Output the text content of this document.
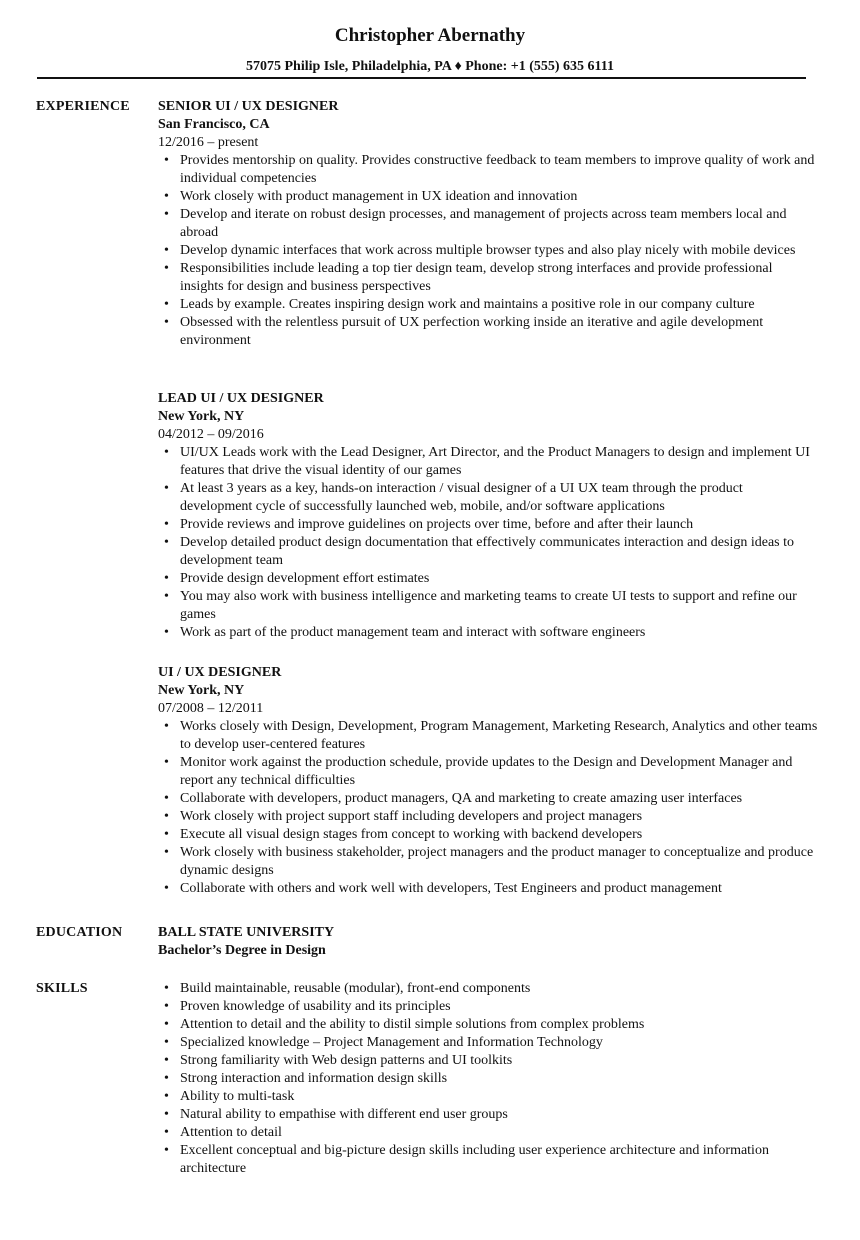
Christopher Abernathy
57075 Philip Isle, Philadelphia, PA ♦ Phone: +1 (555) 635 6111
EXPERIENCE SENIOR UI / UX DESIGNER
San Francisco, CA
12/2016 – present
• Provides mentorship on quality. Provides constructive feedback to team members to improve quality of work and individual competencies
• Work closely with product management in UX ideation and innovation
• Develop and iterate on robust design processes, and management of projects across team members local and abroad
• Develop dynamic interfaces that work across multiple browser types and also play nicely with mobile devices
• Responsibilities include leading a top tier design team, develop strong interfaces and provide professional insights for design and business perspectives
• Leads by example. Creates inspiring design work and maintains a positive role in our company culture
• Obsessed with the relentless pursuit of UX perfection working inside an iterative and agile development environment
LEAD UI / UX DESIGNER
New York, NY
04/2012 – 09/2016
• UI/UX Leads work with the Lead Designer, Art Director, and the Product Managers to design and implement UI features that drive the visual identity of our games
• At least 3 years as a key, hands-on interaction / visual designer of a UI UX team through the product development cycle of successfully launched web, mobile, and/or software applications
• Provide reviews and improve guidelines on projects over time, before and after their launch
• Develop detailed product design documentation that effectively communicates interaction and design ideas to development team
• Provide design development effort estimates
• You may also work with business intelligence and marketing teams to create UI tests to support and refine our games
• Work as part of the product management team and interact with software engineers
UI / UX DESIGNER
New York, NY
07/2008 – 12/2011
• Works closely with Design, Development, Program Management, Marketing Research, Analytics and other teams to develop user-centered features
• Monitor work against the production schedule, provide updates to the Design and Development Manager and report any technical difficulties
• Collaborate with developers, product managers, QA and marketing to create amazing user interfaces
• Work closely with project support staff including developers and project managers
• Execute all visual design stages from concept to working with backend developers
• Work closely with business stakeholder, project managers and the product manager to conceptualize and produce dynamic designs
• Collaborate with others and work well with developers, Test Engineers and product management
EDUCATION	BALL STATE UNIVERSITY
Bachelor’s Degree in Design
SKILLS	• Build maintainable, reusable (modular), front-end components
• Proven knowledge of usability and its principles
• Attention to detail and the ability to distil simple solutions from complex problems
• Specialized knowledge – Project Management and Information Technology
• Strong familiarity with Web design patterns and UI toolkits
• Strong interaction and information design skills
• Ability to multi-task
• Natural ability to empathise with different end user groups
• Attention to detail
• Excellent conceptual and big-picture design skills including user experience architecture and information architecture
